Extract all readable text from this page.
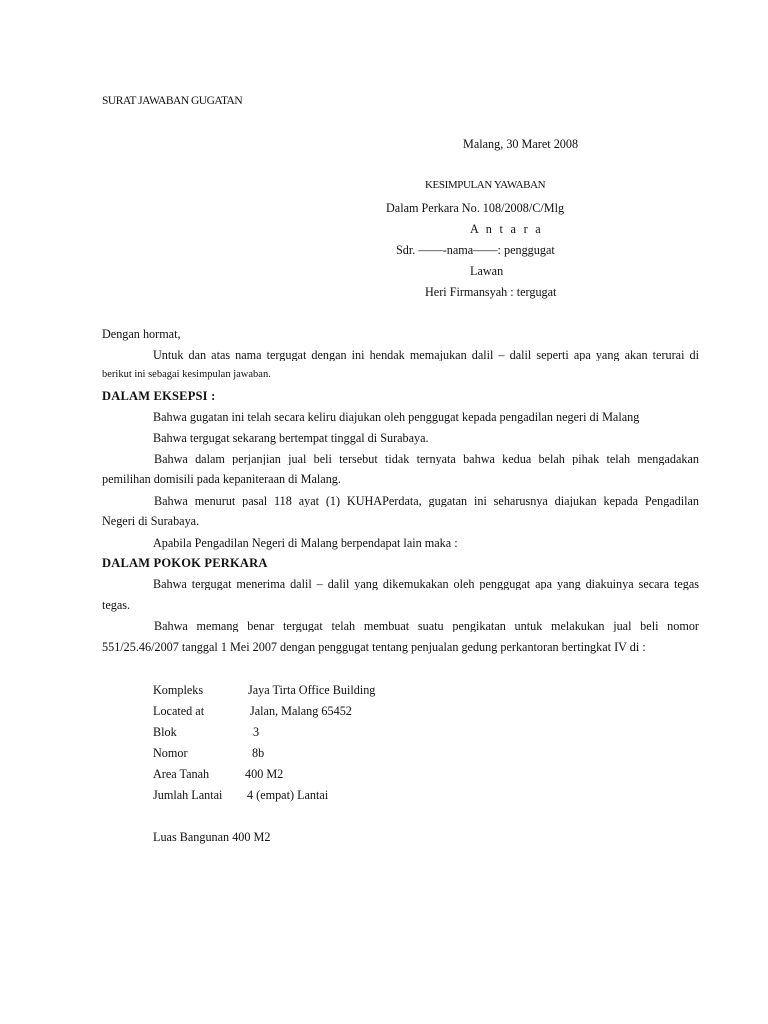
SURAT JAWABAN GUGATAN
Malang, 30 Maret 2008
KESIMPULAN YAWABAN
Dalam Perkara No. 108/2008/C/Mlg
A n t a r a
Sdr. ——-nama——: penggugat
Lawan
Heri Firmansyah : tergugat
Dengan hormat,
Untuk dan atas nama tergugat dengan ini hendak memajukan dalil – dalil seperti apa yang akan terurai di
berikut ini sebagai kesimpulan jawaban.
DALAM EKSEPSI :
Bahwa gugatan ini telah secara keliru diajukan oleh penggugat kepada pengadilan negeri di Malang
Bahwa tergugat sekarang bertempat tinggal di Surabaya.
Bahwa dalam perjanjian jual beli tersebut tidak ternyata bahwa kedua belah pihak telah mengadakan
pemilihan domisili pada kepaniteraan di Malang.
Bahwa menurut pasal 118 ayat (1) KUHAPerdata, gugatan ini seharusnya diajukan kepada Pengadilan
Negeri di Surabaya.
Apabila Pengadilan Negeri di Malang berpendapat lain maka :
DALAM POKOK PERKARA
Bahwa tergugat menerima dalil – dalil yang dikemukakan oleh penggugat apa yang diakuinya secara tegas
tegas.
Bahwa memang benar tergugat telah membuat suatu pengikatan untuk melakukan jual beli nomor
551/25.46/2007 tanggal 1 Mei 2007 dengan penggugat tentang penjualan gedung perkantoran bertingkat IV di :
Kompleks	Jaya Tirta Office Building
Located at	Jalan, Malang 65452
Blok	3
Nomor	8b
Area Tanah	400 M2
Jumlah Lantai 4 (empat) Lantai
Luas Bangunan 400 M2
